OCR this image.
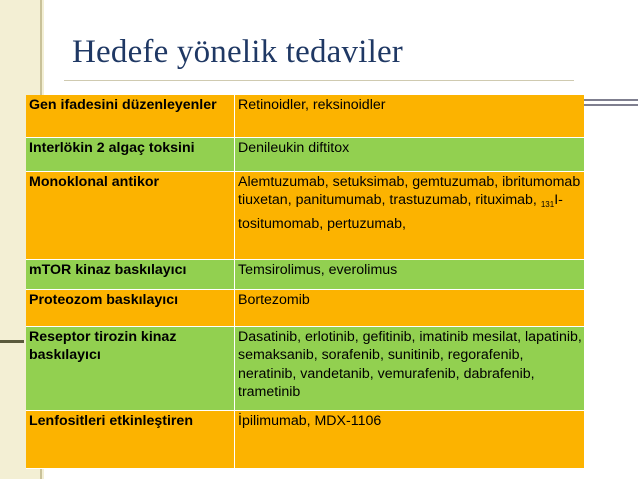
Hedefe yönelik tedaviler
Gen ifadesini düzenleyenler	Retinoidler, reksinoidler
Interlökin 2 algaç toksini	Denileukin diftitox
Monoklonal antikor	Alemtuzumab, setuksimab, gemtuzumab, ibritumomab tiuxetan, panitumumab, trastuzumab, rituximab, $_{131}$I-tositumomab, pertuzumab,
mTOR kinaz baskılayıcı	Temsirolimus, everolimus
Proteozom baskılayıcı	Bortezomib
Reseptor tirozin kinaz baskılayıcı	Dasatinib, erlotinib, gefitinib, imatinib mesilat, lapatinib, semaksanib, sorafenib, sunitinib, regorafenib, neratinib, vandetanib, vemurafenib, dabrafenib, trametinib
Lenfositleri etkinleştiren	İpilimumab, MDX-1106
